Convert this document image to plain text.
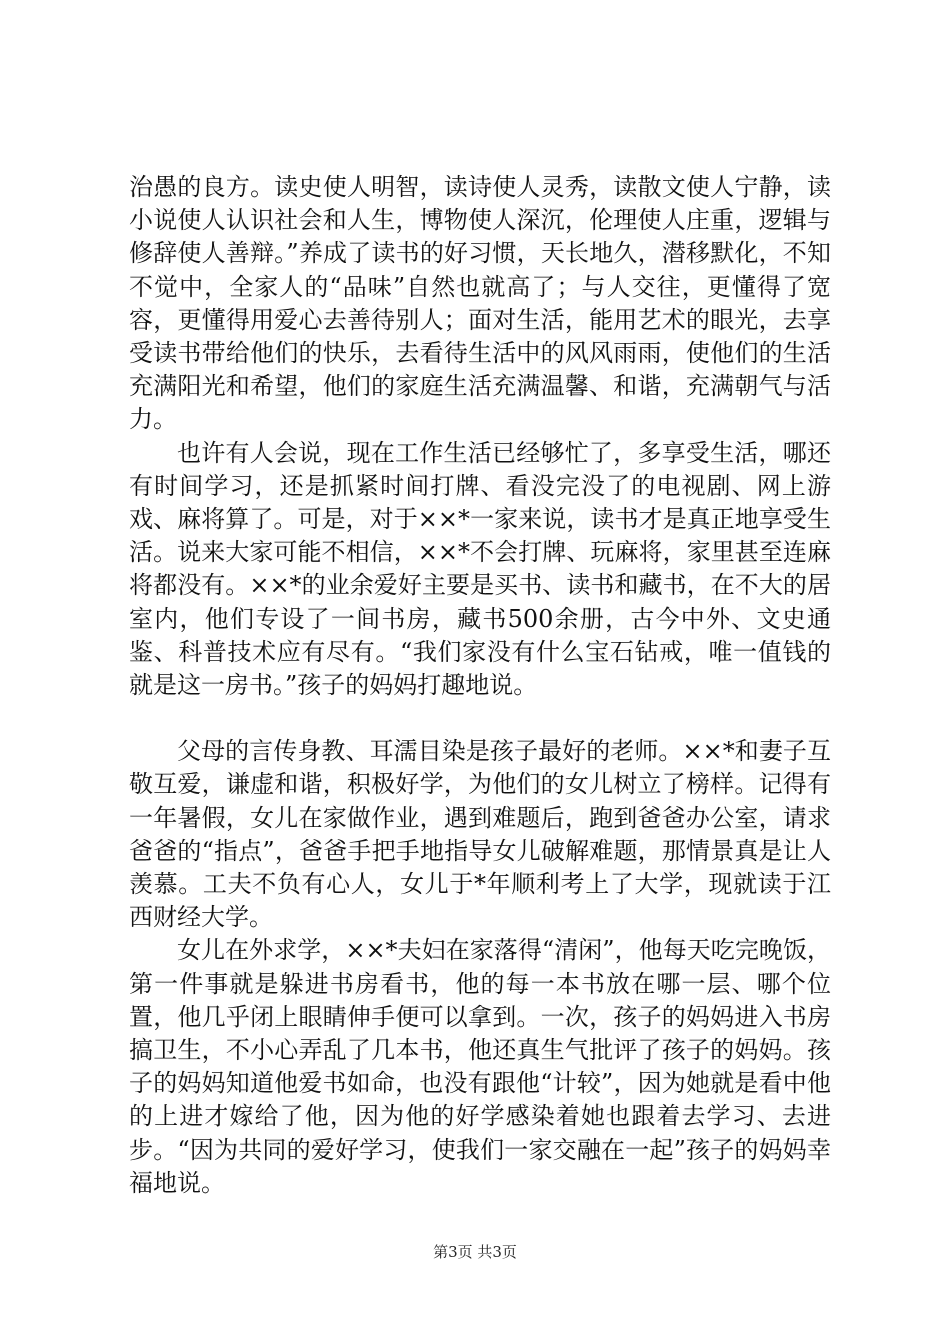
治愚的良方。读史使人明智，读诗使人灵秀，读散文使人宁静，读小说使人认识社会和人生，博物使人深沉，伦理使人庄重，逻辑与修辞使人善辩。”养成了读书的好习惯，天长地久，潜移默化，不知不觉中，全家人的“品味”自然也就高了；与人交往，更懂得了宽容，更懂得用爱心去善待别人；面对生活，能用艺术的眼光，去享受读书带给他们的快乐，去看待生活中的风风雨雨，使他们的生活充满阳光和希望，他们的家庭生活充满温馨、和谐，充满朝气与活力。

也许有人会说，现在工作生活已经够忙了，多享受生活，哪还有时间学习，还是抓紧时间打牌、看没完没了的电视剧、网上游戏、麻将算了。可是，对于××*一家来说，读书才是真正地享受生活。说来大家可能不相信，××*不会打牌、玩麻将，家里甚至连麻将都没有。××*的业余爱好主要是买书、读书和藏书，在不大的居室内，他们专设了一间书房，藏书500余册，古今中外、文史通鉴、科普技术应有尽有。“我们家没有什么宝石钻戒，唯一值钱的就是这一房书。”孩子的妈妈打趣地说。

父母的言传身教、耳濡目染是孩子最好的老师。××*和妻子互敬互爱，谦虚和谐，积极好学，为他们的女儿树立了榜样。记得有一年暑假，女儿在家做作业，遇到难题后，跑到爸爸办公室，请求爸爸的“指点”，爸爸手把手地指导女儿破解难题，那情景真是让人羡慕。工夫不负有心人，女儿于*年顺利考上了大学，现就读于江西财经大学。

女儿在外求学，××*夫妇在家落得“清闲”，他每天吃完晚饭，第一件事就是躲进书房看书，他的每一本书放在哪一层、哪个位置，他几乎闭上眼睛伸手便可以拿到。一次，孩子的妈妈进入书房搞卫生，不小心弄乱了几本书，他还真生气批评了孩子的妈妈。孩子的妈妈知道他爱书如命，也没有跟他“计较”，因为她就是看中他的上进才嫁给了他，因为他的好学感染着她也跟着去学习、去进步。“因为共同的爱好学习，使我们一家交融在一起”孩子的妈妈幸福地说。

第3页 共3页
